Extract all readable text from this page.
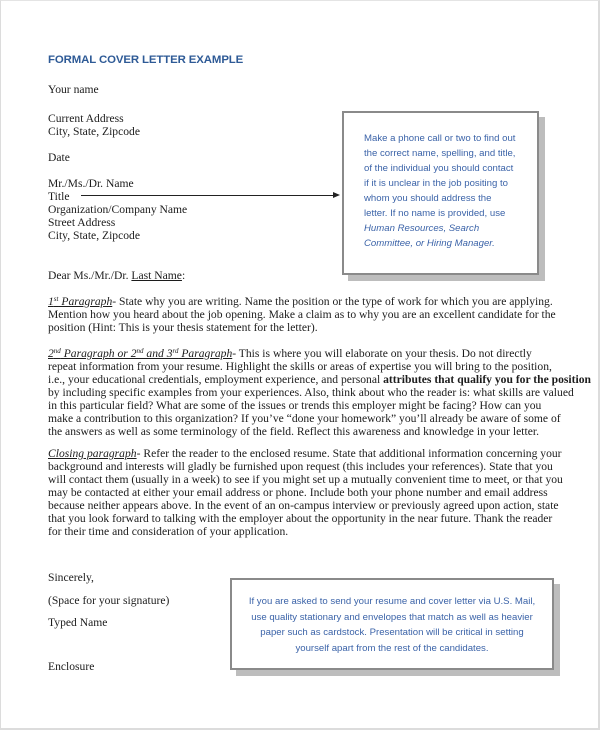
FORMAL COVER LETTER EXAMPLE
Your name
Current Address
City, State, Zipcode
Date
Mr./Ms./Dr. Name
Title
Organization/Company Name
Street Address
City, State, Zipcode
Make a phone call or two to find out
the correct name, spelling, and title,
of the individual you should contact
if it is unclear in the job positing to
whom you should address the
letter. If no name is provided, use
Human Resources, Search
Committee, or Hiring Manager.
Dear Ms./Mr./Dr. Last Name:
1st Paragraph- State why you are writing. Name the position or the type of work for which you are applying.
Mention how you heard about the job opening. Make a claim as to why you are an excellent candidate for the
position (Hint: This is your thesis statement for the letter).
2nd Paragraph or 2nd and 3rd Paragraph- This is where you will elaborate on your thesis. Do not directly
repeat information from your resume. Highlight the skills or areas of expertise you will bring to the position,
i.e., your educational credentials, employment experience, and personal attributes that qualify you for the position
by including specific examples from your experiences. Also, think about who the reader is: what skills are valued
in this particular field? What are some of the issues or trends this employer might be facing? How can you
make a contribution to this organization? If you’ve “done your homework” you’ll already be aware of some of
the answers as well as some terminology of the field. Reflect this awareness and knowledge in your letter.
Closing paragraph- Refer the reader to the enclosed resume. State that additional information concerning your
background and interests will gladly be furnished upon request (this includes your references). State that you
will contact them (usually in a week) to see if you might set up a mutually convenient time to meet, or that you
may be contacted at either your email address or phone. Include both your phone number and email address
because neither appears above. In the event of an on-campus interview or previously agreed upon action, state
that you look forward to talking with the employer about the opportunity in the near future. Thank the reader
for their time and consideration of your application.
Sincerely,
(Space for your signature)
Typed Name
Enclosure
If you are asked to send your resume and cover letter via U.S. Mail,
use quality stationary and envelopes that match as well as heavier
paper such as cardstock. Presentation will be critical in setting
yourself apart from the rest of the candidates.
